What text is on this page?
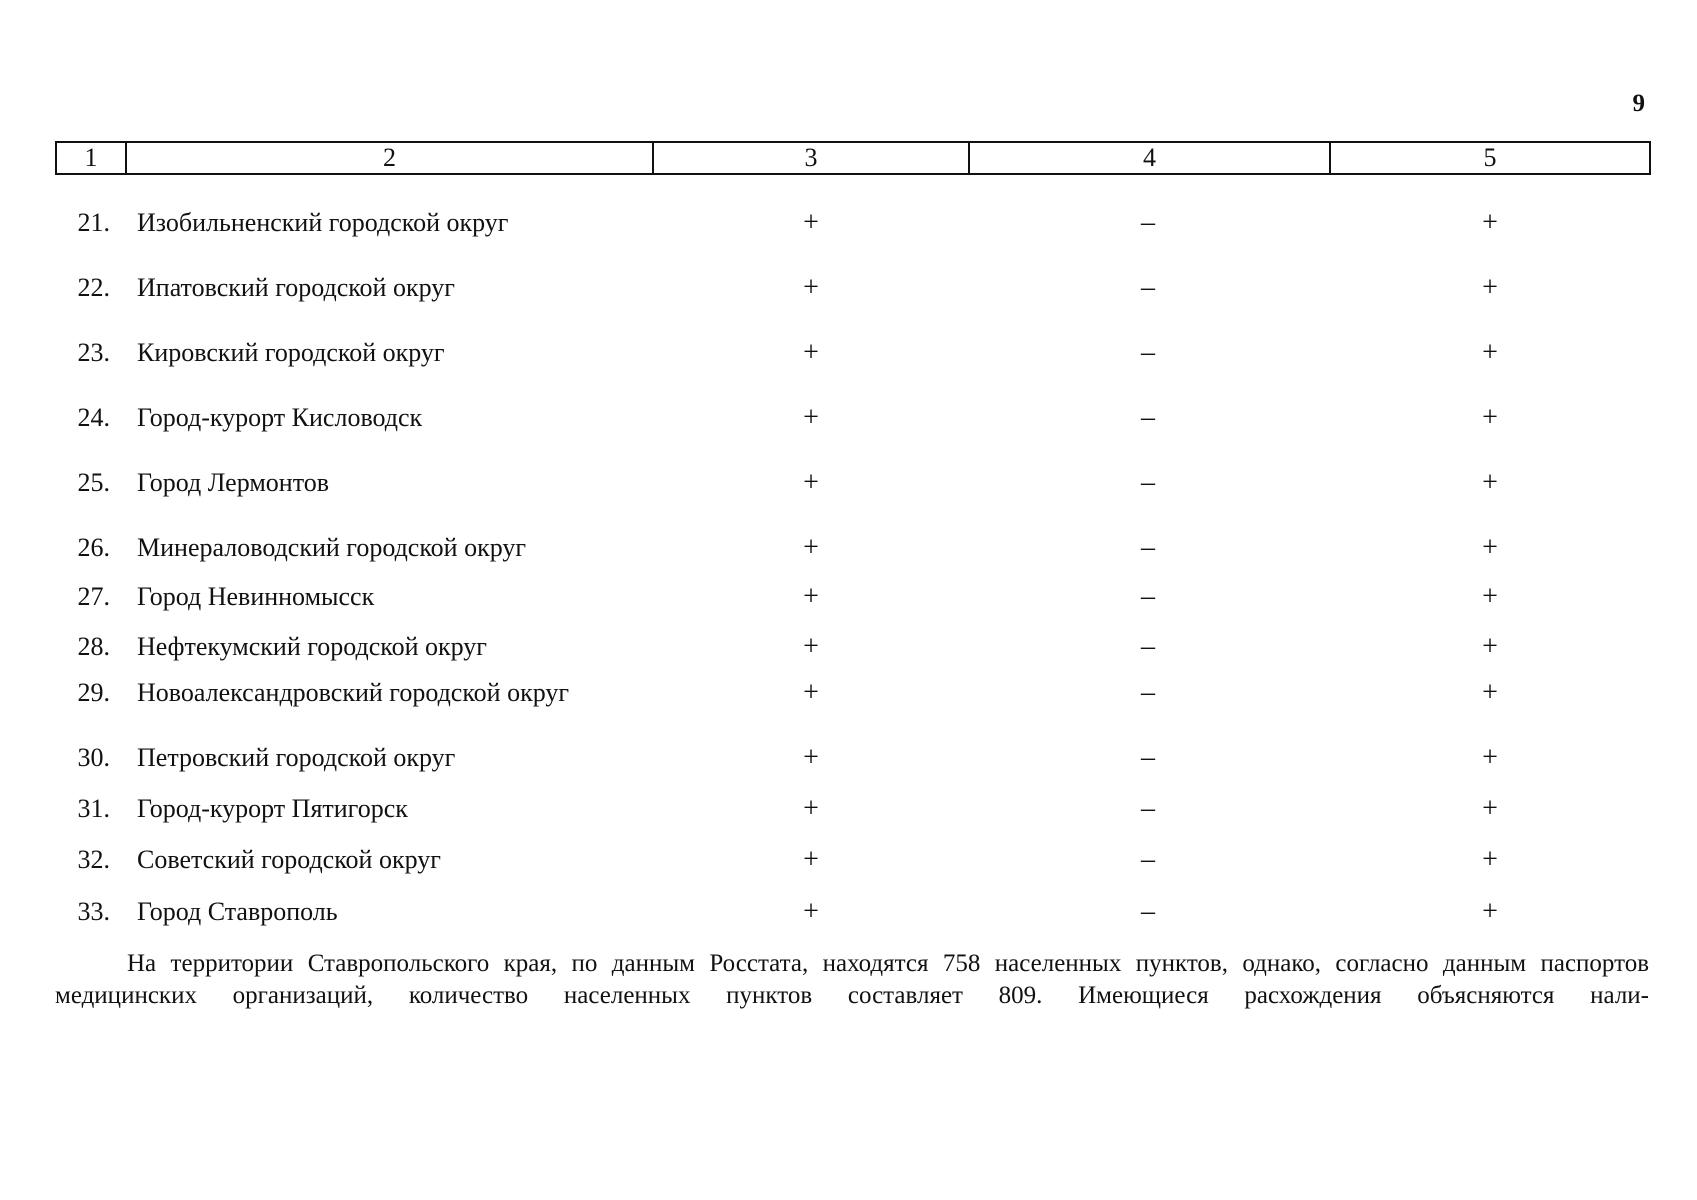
9
1	2	3	4	5
21. Изобильненский городской округ	+	–	+
22. Ипатовский городской округ	+	–	+
23. Кировский городской округ	+	–	+
24. Город-курорт Кисловодск	+	–	+
25. Город Лермонтов	+	–	+
26. Минераловодский городской округ	+	–	+
27. Город Невинномысск	+	–	+
28. Нефтекумский городской округ	+	–	+
29. Новоалександровский городской округ	+	–	+
30. Петровский городской округ	+	–	+
31. Город-курорт Пятигорск	+	–	+
32. Советский городской округ	+	–	+
33. Город Ставрополь	+	–	+
На территории Ставропольского края, по данным Росстата, находятся 758 населенных пунктов, однако, согласно данным паспортов медицинских организаций, количество населенных пунктов составляет 809. Имеющиеся расхождения объясняются нали-
